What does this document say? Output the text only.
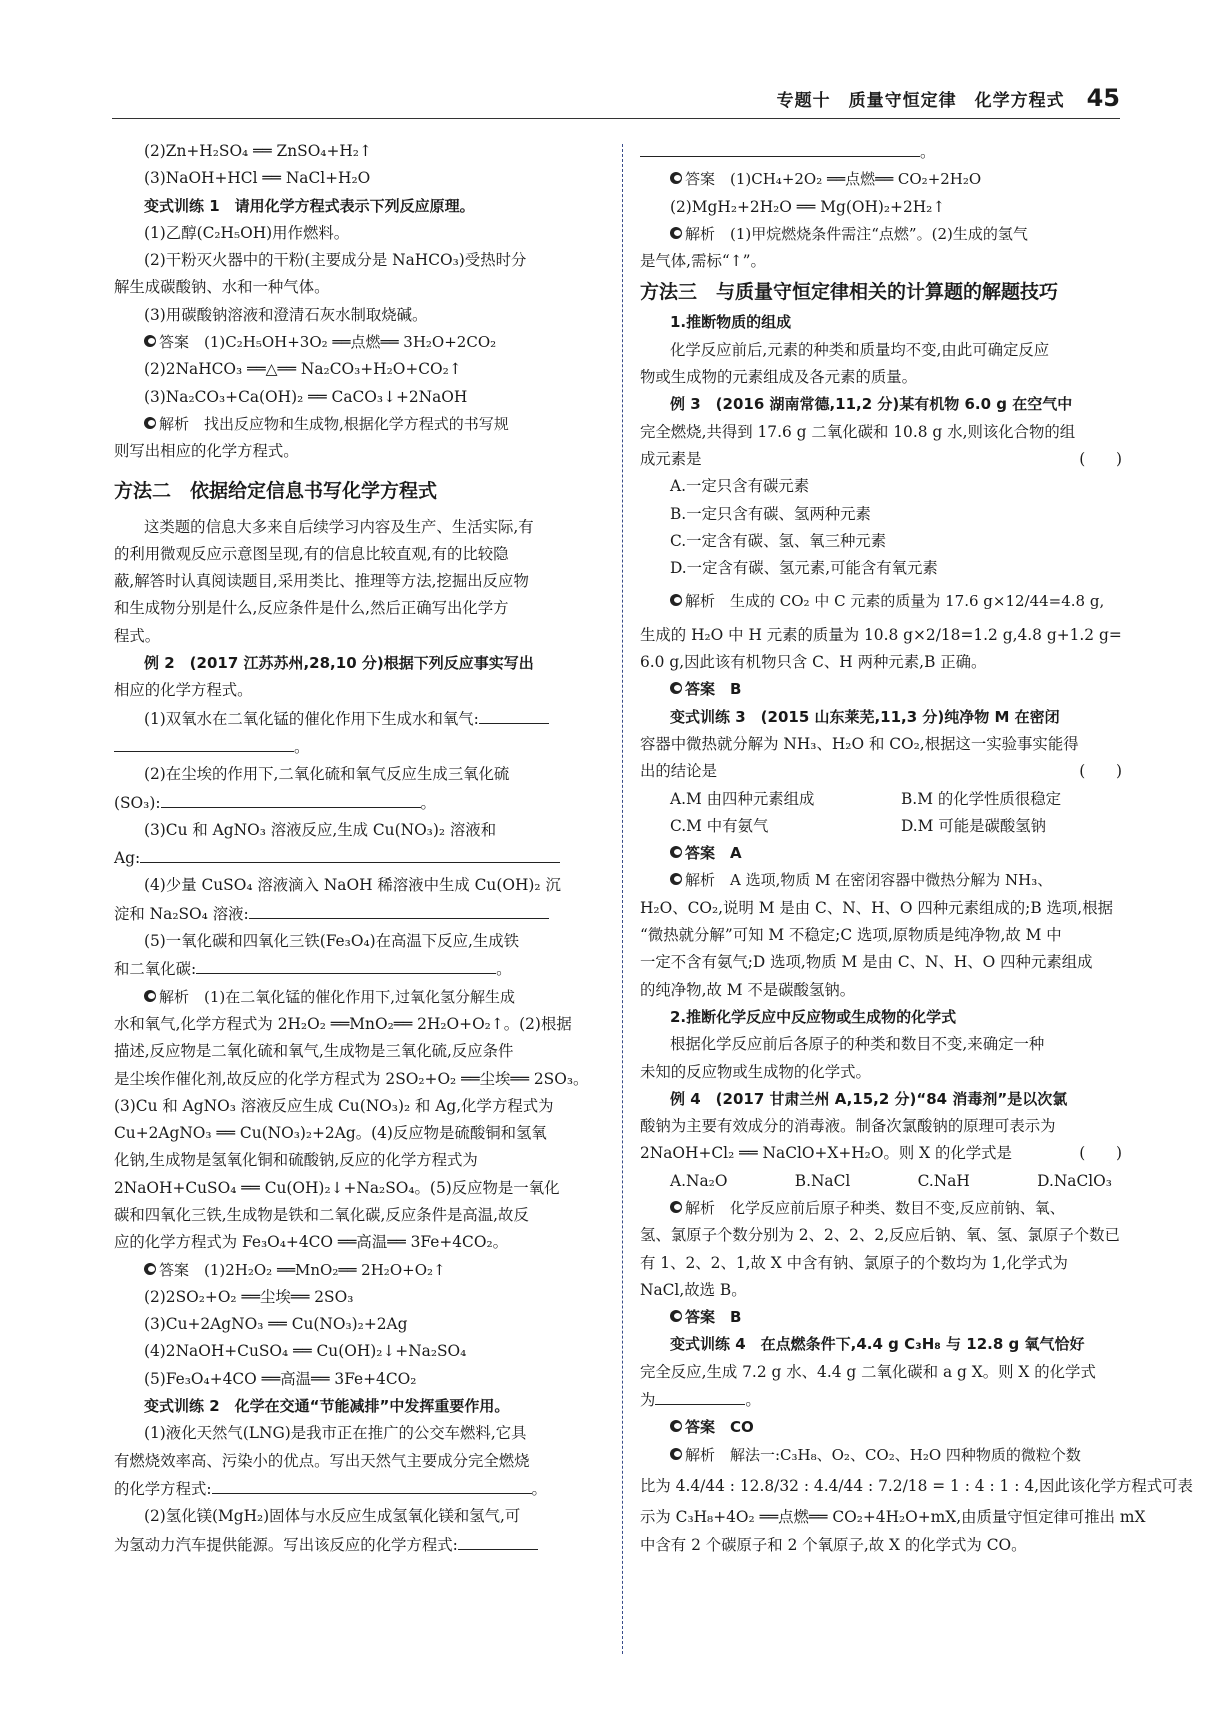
专题十　质量守恒定律　化学方程式 45
(2)Zn+H₂SO₄ ══ ZnSO₄+H₂↑
(3)NaOH+HCl ══ NaCl+H₂O
变式训练 1　请用化学方程式表示下列反应原理。
(1)乙醇(C₂H₅OH)用作燃料。
(2)干粉灭火器中的干粉(主要成分是 NaHCO₃)受热时分
解生成碳酸钠、水和一种气体。
(3)用碳酸钠溶液和澄清石灰水制取烧碱。
答案　(1)C₂H₅OH+3O₂ ══点燃══ 3H₂O+2CO₂
(2)2NaHCO₃ ══△══ Na₂CO₃+H₂O+CO₂↑
(3)Na₂CO₃+Ca(OH)₂ ══ CaCO₃↓+2NaOH
解析　找出反应物和生成物,根据化学方程式的书写规
则写出相应的化学方程式。
方法二　依据给定信息书写化学方程式
这类题的信息大多来自后续学习内容及生产、生活实际,有
的利用微观反应示意图呈现,有的信息比较直观,有的比较隐
蔽,解答时认真阅读题目,采用类比、推理等方法,挖掘出反应物
和生成物分别是什么,反应条件是什么,然后正确写出化学方
程式。
例 2　(2017 江苏苏州,28,10 分)根据下列反应事实写出
相应的化学方程式。
(1)双氧水在二氧化锰的催化作用下生成水和氧气:
。
(2)在尘埃的作用下,二氧化硫和氧气反应生成三氧化硫
(SO₃):	。
(3)Cu 和 AgNO₃ 溶液反应,生成 Cu(NO₃)₂ 溶液和
Ag:
(4)少量 CuSO₄ 溶液滴入 NaOH 稀溶液中生成 Cu(OH)₂ 沉
淀和 Na₂SO₄ 溶液:
(5)一氧化碳和四氧化三铁(Fe₃O₄)在高温下反应,生成铁
和二氧化碳:	。
解析　(1)在二氧化锰的催化作用下,过氧化氢分解生成
水和氧气,化学方程式为 2H₂O₂ ══MnO₂══ 2H₂O+O₂↑。(2)根据
描述,反应物是二氧化硫和氧气,生成物是三氧化硫,反应条件
是尘埃作催化剂,故反应的化学方程式为 2SO₂+O₂ ══尘埃══ 2SO₃。
(3)Cu 和 AgNO₃ 溶液反应生成 Cu(NO₃)₂ 和 Ag,化学方程式为
Cu+2AgNO₃ ══ Cu(NO₃)₂+2Ag。(4)反应物是硫酸铜和氢氧
化钠,生成物是氢氧化铜和硫酸钠,反应的化学方程式为
2NaOH+CuSO₄ ══ Cu(OH)₂↓+Na₂SO₄。(5)反应物是一氧化
碳和四氧化三铁,生成物是铁和二氧化碳,反应条件是高温,故反
应的化学方程式为 Fe₃O₄+4CO ══高温══ 3Fe+4CO₂。
答案　(1)2H₂O₂ ══MnO₂══ 2H₂O+O₂↑
(2)2SO₂+O₂ ══尘埃══ 2SO₃
(3)Cu+2AgNO₃ ══ Cu(NO₃)₂+2Ag
(4)2NaOH+CuSO₄ ══ Cu(OH)₂↓+Na₂SO₄
(5)Fe₃O₄+4CO ══高温══ 3Fe+4CO₂
变式训练 2　化学在交通“节能减排”中发挥重要作用。
(1)液化天然气(LNG)是我市正在推广的公交车燃料,它具
有燃烧效率高、污染小的优点。写出天然气主要成分完全燃烧
的化学方程式:	。
(2)氢化镁(MgH₂)固体与水反应生成氢氧化镁和氢气,可
为氢动力汽车提供能源。写出该反应的化学方程式:
。
答案　(1)CH₄+2O₂ ══点燃══ CO₂+2H₂O
(2)MgH₂+2H₂O ══ Mg(OH)₂+2H₂↑
解析　(1)甲烷燃烧条件需注“点燃”。(2)生成的氢气
是气体,需标“↑”。
方法三　与质量守恒定律相关的计算题的解题技巧
1.推断物质的组成
化学反应前后,元素的种类和质量均不变,由此可确定反应
物或生成物的元素组成及各元素的质量。
例 3　(2016 湖南常德,11,2 分)某有机物 6.0 g 在空气中
完全燃烧,共得到 17.6 g 二氧化碳和 10.8 g 水,则该化合物的组
成元素是	(　　)
A.一定只含有碳元素
B.一定只含有碳、氢两种元素
C.一定含有碳、氢、氧三种元素
D.一定含有碳、氢元素,可能含有氧元素
解析　生成的 CO₂ 中 C 元素的质量为 17.6 g×12/44=4.8 g,
生成的 H₂O 中 H 元素的质量为 10.8 g×2/18=1.2 g,4.8 g+1.2 g=
6.0 g,因此该有机物只含 C、H 两种元素,B 正确。
答案　B
变式训练 3　(2015 山东莱芜,11,3 分)纯净物 M 在密闭
容器中微热就分解为 NH₃、H₂O 和 CO₂,根据这一实验事实能得
出的结论是	(　　)
A.M 由四种元素组成	B.M 的化学性质很稳定
C.M 中有氨气	D.M 可能是碳酸氢钠
答案　A
解析　A 选项,物质 M 在密闭容器中微热分解为 NH₃、
H₂O、CO₂,说明 M 是由 C、N、H、O 四种元素组成的;B 选项,根据
“微热就分解”可知 M 不稳定;C 选项,原物质是纯净物,故 M 中
一定不含有氨气;D 选项,物质 M 是由 C、N、H、O 四种元素组成
的纯净物,故 M 不是碳酸氢钠。
2.推断化学反应中反应物或生成物的化学式
根据化学反应前后各原子的种类和数目不变,来确定一种
未知的反应物或生成物的化学式。
例 4　(2017 甘肃兰州 A,15,2 分)“84 消毒剂”是以次氯
酸钠为主要有效成分的消毒液。制备次氯酸钠的原理可表示为
2NaOH+Cl₂ ══ NaClO+X+H₂O。则 X 的化学式是	(　　)
A.Na₂O	B.NaCl	C.NaH	D.NaClO₃
解析　化学反应前后原子种类、数目不变,反应前钠、氧、
氢、氯原子个数分别为 2、2、2、2,反应后钠、氧、氢、氯原子个数已
有 1、2、2、1,故 X 中含有钠、氯原子的个数均为 1,化学式为
NaCl,故选 B。
答案　B
变式训练 4　在点燃条件下,4.4 g C₃H₈ 与 12.8 g 氧气恰好
完全反应,生成 7.2 g 水、4.4 g 二氧化碳和 a g X。则 X 的化学式
为	。
答案　CO
解析　解法一:C₃H₈、O₂、CO₂、H₂O 四种物质的微粒个数
比为 4.4/44 : 12.8/32 : 4.4/44 : 7.2/18 = 1 : 4 : 1 : 4,因此该化学方程式可表
示为 C₃H₈+4O₂ ══点燃══ CO₂+4H₂O+mX,由质量守恒定律可推出 mX
中含有 2 个碳原子和 2 个氧原子,故 X 的化学式为 CO。
